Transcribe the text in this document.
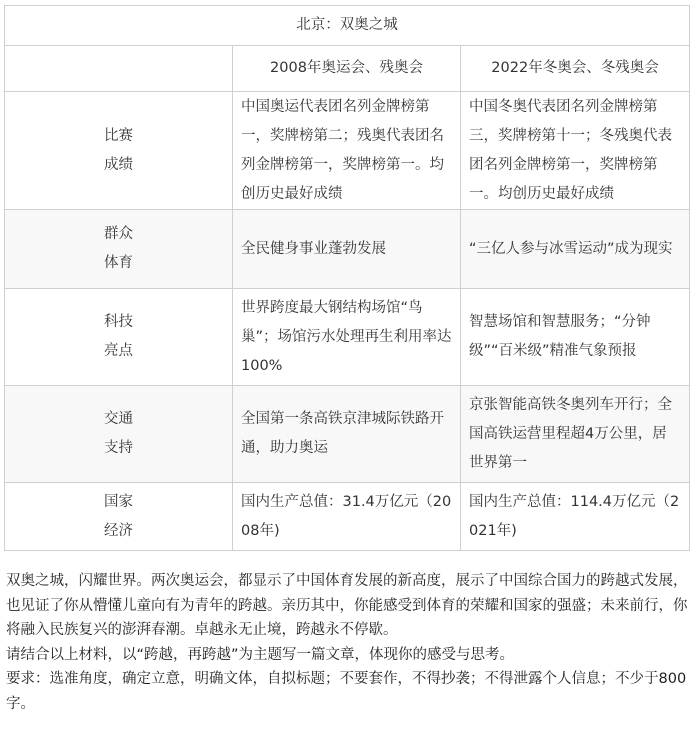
北京：双奥之城		
	2008年奥运会、残奥会	2022年冬奥会、冬残奥会

比赛
成绩	中国奥运代表团名列金牌榜第一，奖牌榜第二；残奥代表团名列金牌榜第一，奖牌榜第一。均创历史最好成绩	中国冬奥代表团名列金牌榜第三，奖牌榜第十一；冬残奥代表团名列金牌榜第一，奖牌榜第一。均创历史最好成绩

群众
体育	全民健身事业蓬勃发展	“三亿人参与冰雪运动”成为现实

科技
亮点	世界跨度最大钢结构场馆“鸟巢”；场馆污水处理再生利用率达100%	智慧场馆和智慧服务；“分钟级”“百米级”精准气象预报

交通
支持	全国第一条高铁京津城际铁路开通，助力奥运	京张智能高铁冬奥列车开行；全国高铁运营里程超4万公里，居世界第一

国家
经济	国内生产总值：31.4万亿元（2008年)	国内生产总值：114.4万亿元（2021年)

双奥之城，闪耀世界。两次奥运会，都显示了中国体育发展的新高度，展示了中国综合国力的跨越式发展，也见证了你从懵懂儿童向有为青年的跨越。亲历其中，你能感受到体育的荣耀和国家的强盛；未来前行，你将融入民族复兴的澎湃春潮。卓越永无止境，跨越永不停歇。

请结合以上材料，以“跨越，再跨越”为主题写一篇文章，体现你的感受与思考。

要求：选准角度，确定立意，明确文体，自拟标题；不要套作，不得抄袭；不得泄露个人信息；不少于800字。
